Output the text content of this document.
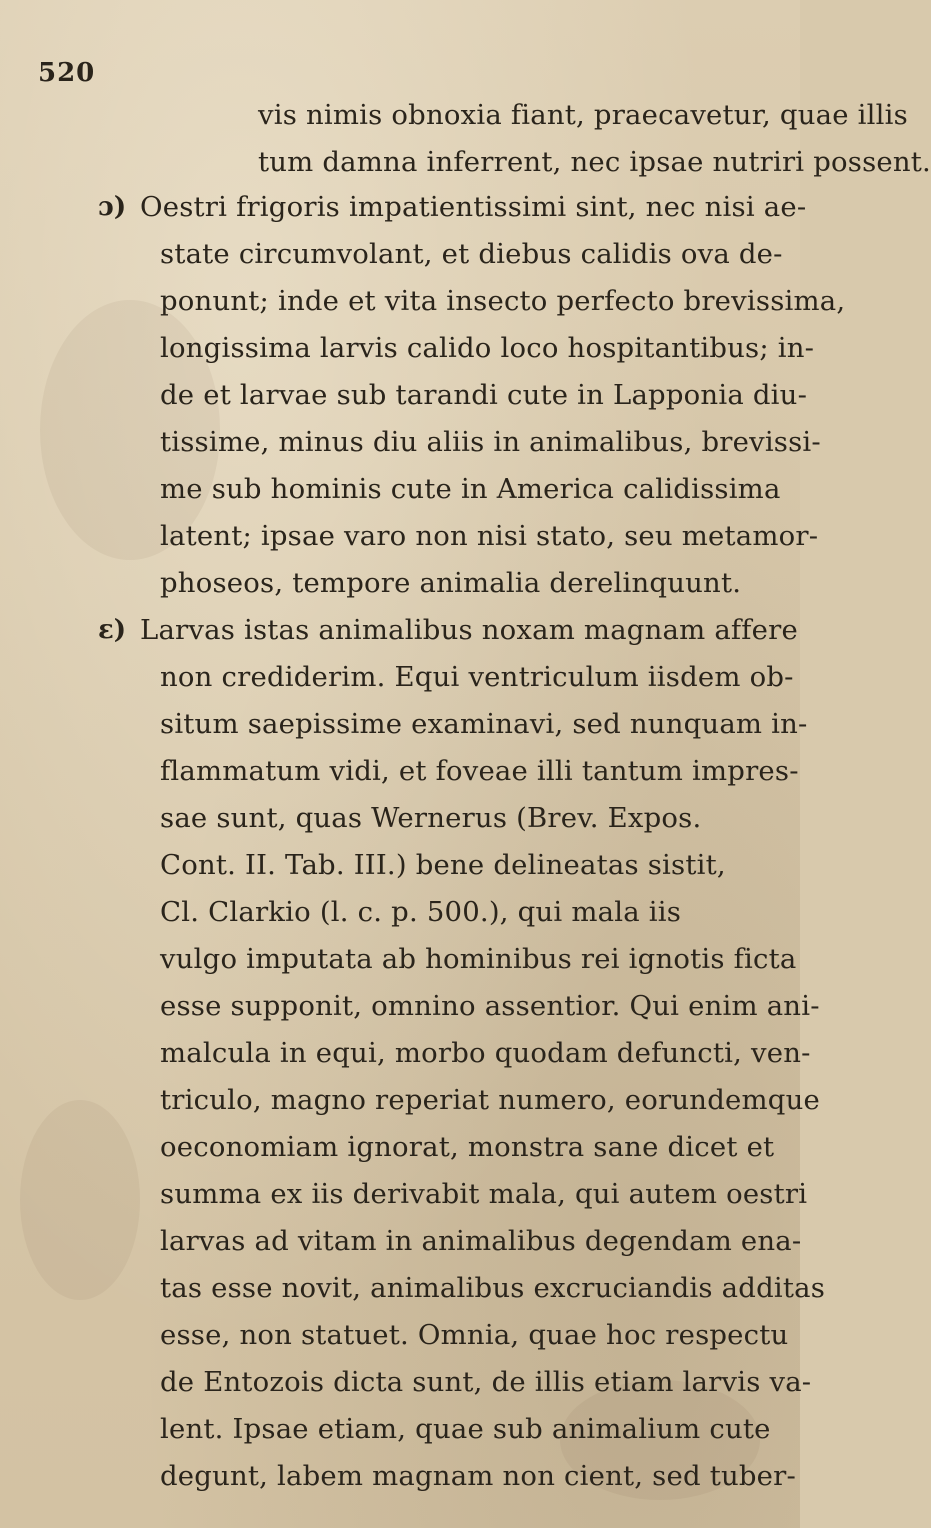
520
vis nimis obnoxia fiant, praecavetur, quae illis
tum damna inferrent, nec ipsae nutriri possent.
ɔ) Oestri frigoris impatientissimi sint, nec nisi ae-
state circumvolant, et diebus calidis ova de-
ponunt; inde et vita insecto perfecto brevissima,
longissima larvis calido loco hospitantibus; in-
de et larvae sub tarandi cute in Lapponia diu-
tissime, minus diu aliis in animalibus, brevissi-
me sub hominis cute in America calidissima
latent; ipsae varo non nisi stato, seu metamor-
phoseos, tempore animalia derelinquunt.
ɛ) Larvas istas animalibus noxam magnam affere
non crediderim. Equi ventriculum iisdem ob-
situm saepissime examinavi, sed nunquam in-
flammatum vidi, et foveae illi tantum impres-
sae sunt, quas Wernerus (Brev. Expos.
Cont. II. Tab. III.) bene delineatas sistit,
Cl. Clarkio (l. c. p. 500.), qui mala iis
vulgo imputata ab hominibus rei ignotis ficta
esse supponit, omnino assentior. Qui enim ani-
malcula in equi, morbo quodam defuncti, ven-
triculo, magno reperiat numero, eorundemque
oeconomiam ignorat, monstra sane dicet et
summa ex iis derivabit mala, qui autem oestri
larvas ad vitam in animalibus degendam ena-
tas esse novit, animalibus excruciandis additas
esse, non statuet. Omnia, quae hoc respectu
de Entozois dicta sunt, de illis etiam larvis va-
lent. Ipsae etiam, quae sub animalium cute
degunt, labem magnam non cient, sed tuber-
